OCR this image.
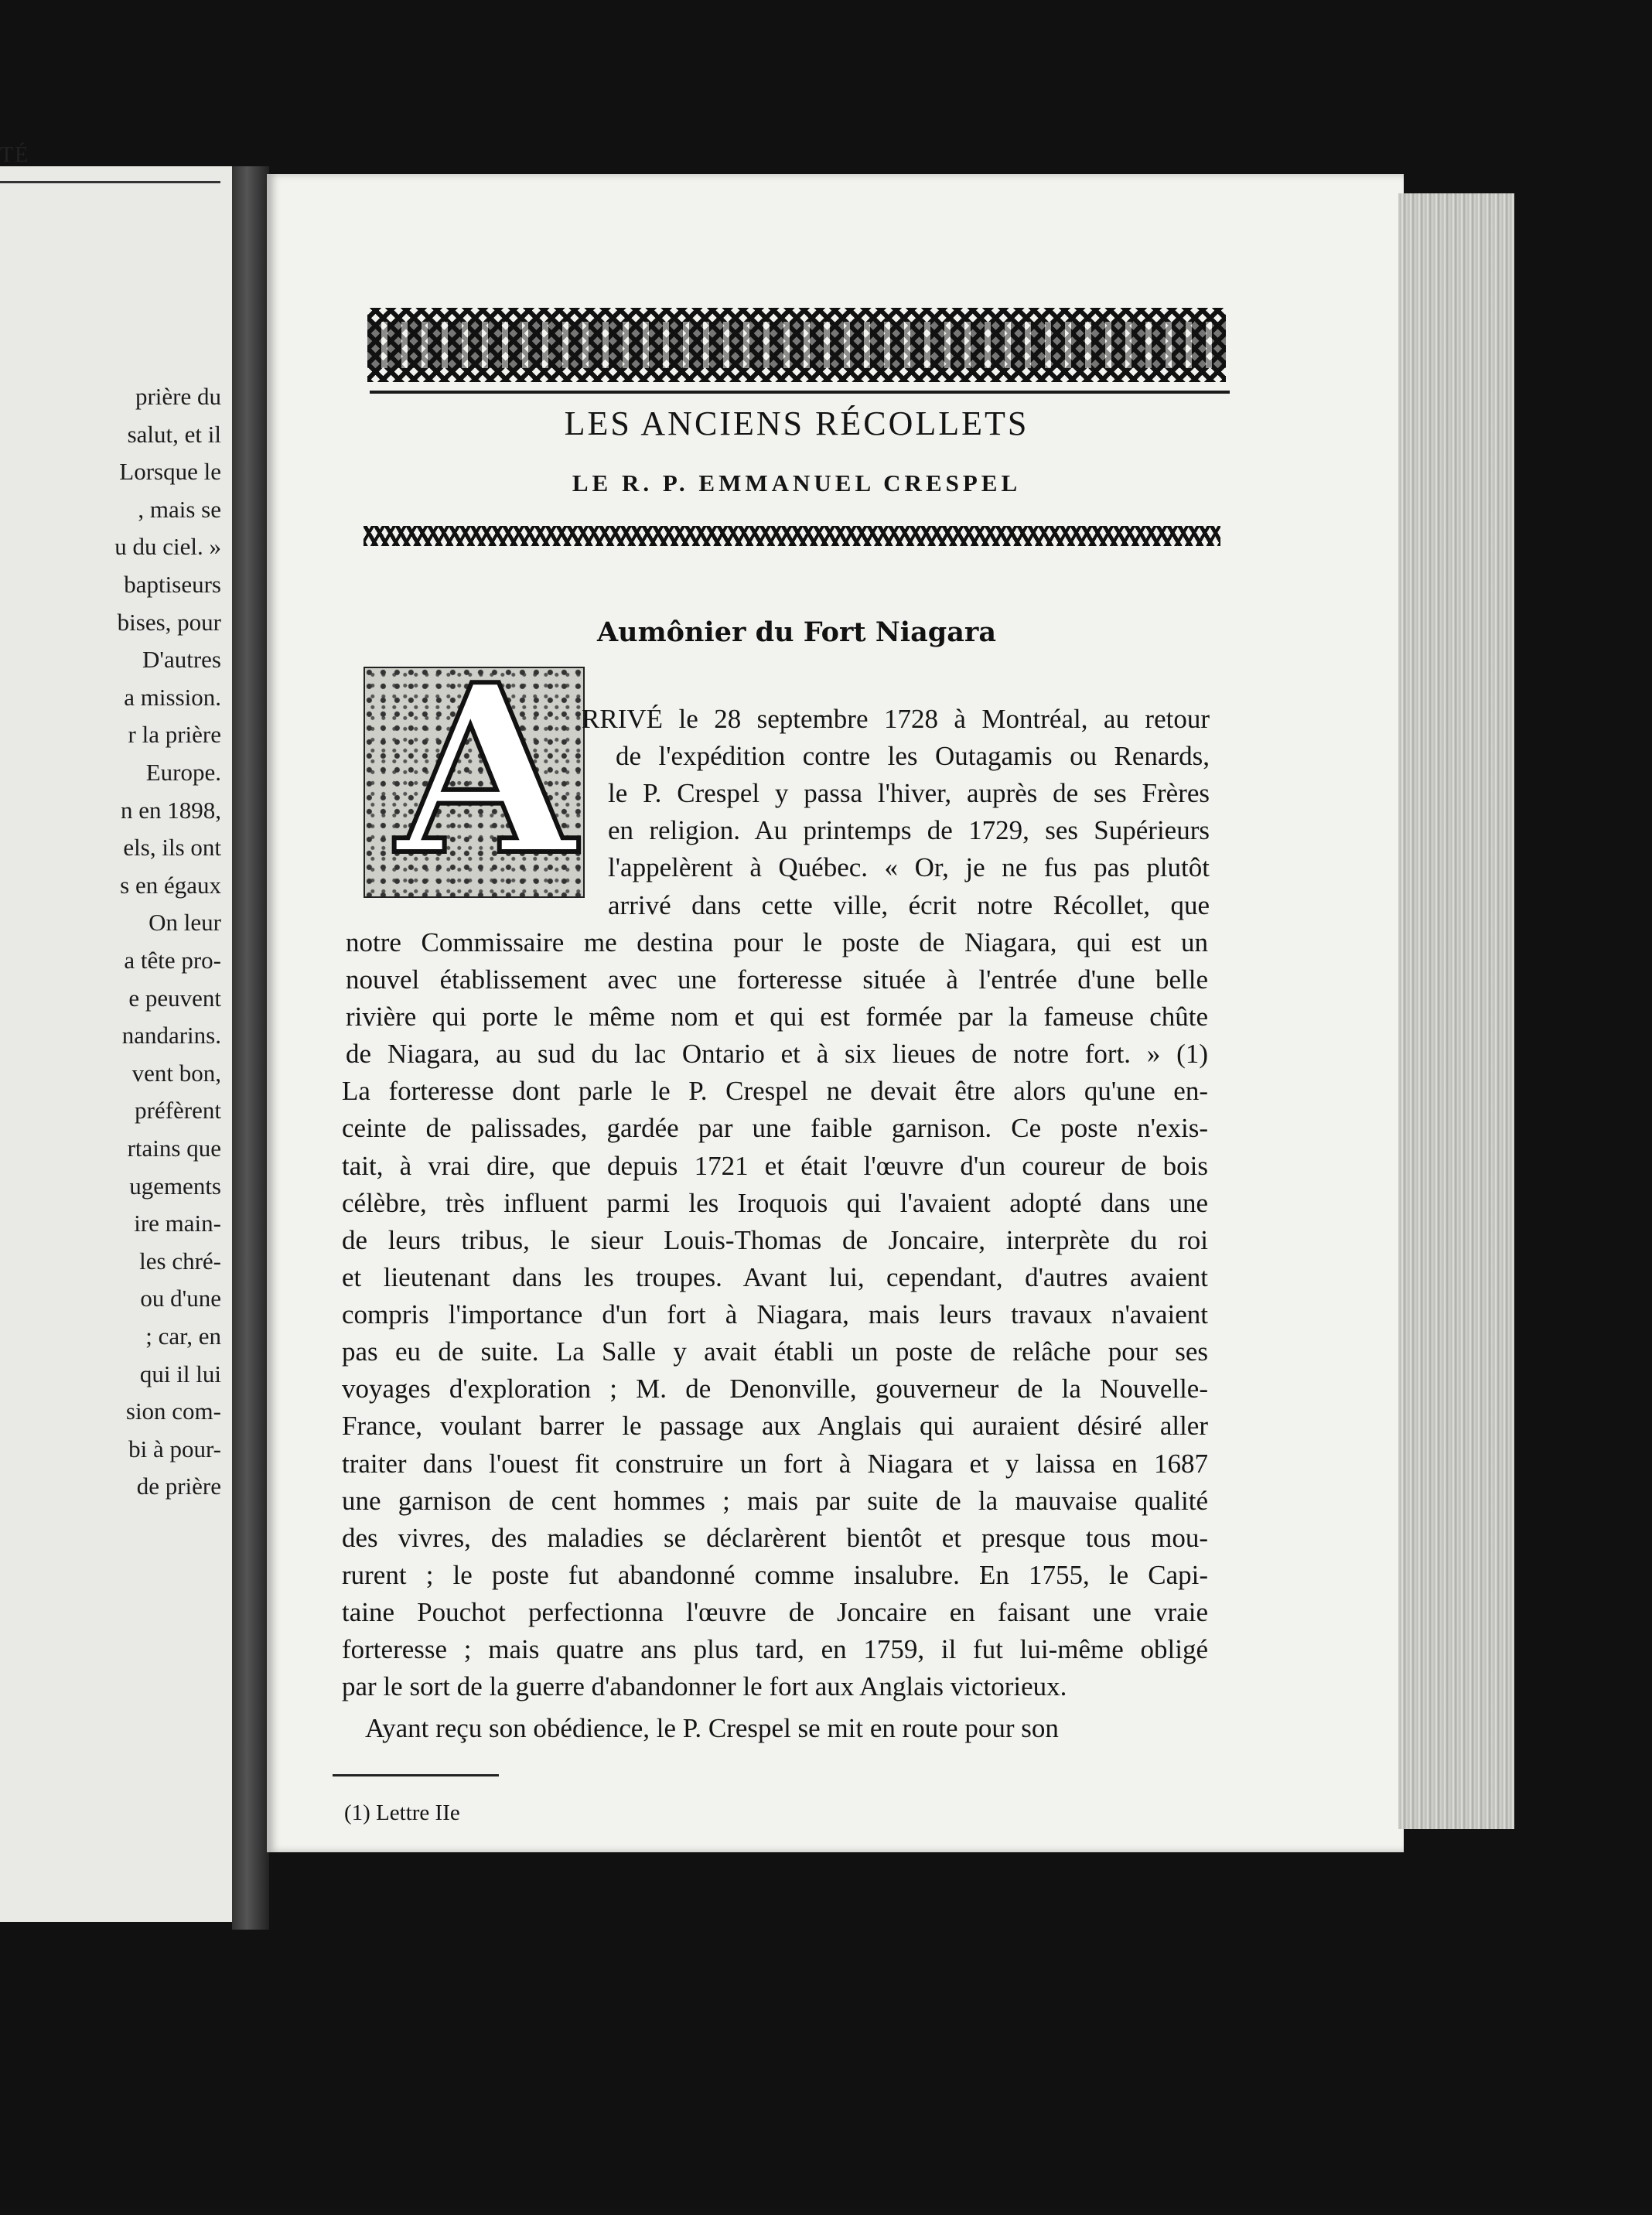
TÉ
LES ANCIENS RÉCOLLETS
LE R. P. EMMANUEL CRESPEL
Aumônier du Fort Niagara
A
(1) Lettre IIe
prière du
salut, et il
Lorsque le
, mais se
u du ciel. »
baptiseurs
bises, pour
D'autres
a mission.
r la prière
Europe.
n en 1898,
els, ils ont
s en égaux
On leur
a tête pro-
e peuvent
nandarins.
vent bon,
préfèrent
rtains que
ugements
ire main-
les chré-
ou d'une
; car, en
qui il lui
sion com-
bi à pour-
de prière
RRIVÉ le 28 septembre 1728 à Montréal, au retour
de l'expédition contre les Outagamis ou Renards,
le P. Crespel y passa l'hiver, auprès de ses Frères
en religion. Au printemps de 1729, ses Supérieurs
l'appelèrent à Québec. « Or, je ne fus pas plutôt
arrivé dans cette ville, écrit notre Récollet, que
notre Commissaire me destina pour le poste de Niagara, qui est un
nouvel établissement avec une forteresse située à l'entrée d'une belle
rivière qui porte le même nom et qui est formée par la fameuse chûte
de Niagara, au sud du lac Ontario et à six lieues de notre fort. » (1)
La forteresse dont parle le P. Crespel ne devait être alors qu'une en-
ceinte de palissades, gardée par une faible garnison. Ce poste n'exis-
tait, à vrai dire, que depuis 1721 et était l'œuvre d'un coureur de bois
célèbre, très influent parmi les Iroquois qui l'avaient adopté dans une
de leurs tribus, le sieur Louis-Thomas de Joncaire, interprète du roi
et lieutenant dans les troupes. Avant lui, cependant, d'autres avaient
compris l'importance d'un fort à Niagara, mais leurs travaux n'avaient
pas eu de suite. La Salle y avait établi un poste de relâche pour ses
voyages d'exploration ; M. de Denonville, gouverneur de la Nouvelle-
France, voulant barrer le passage aux Anglais qui auraient désiré aller
traiter dans l'ouest fit construire un fort à Niagara et y laissa en 1687
une garnison de cent hommes ; mais par suite de la mauvaise qualité
des vivres, des maladies se déclarèrent bientôt et presque tous mou-
rurent ; le poste fut abandonné comme insalubre. En 1755, le Capi-
taine Pouchot perfectionna l'œuvre de Joncaire en faisant une vraie
forteresse ; mais quatre ans plus tard, en 1759, il fut lui-même obligé
par le sort de la guerre d'abandonner le fort aux Anglais victorieux.
Ayant reçu son obédience, le P. Crespel se mit en route pour son
